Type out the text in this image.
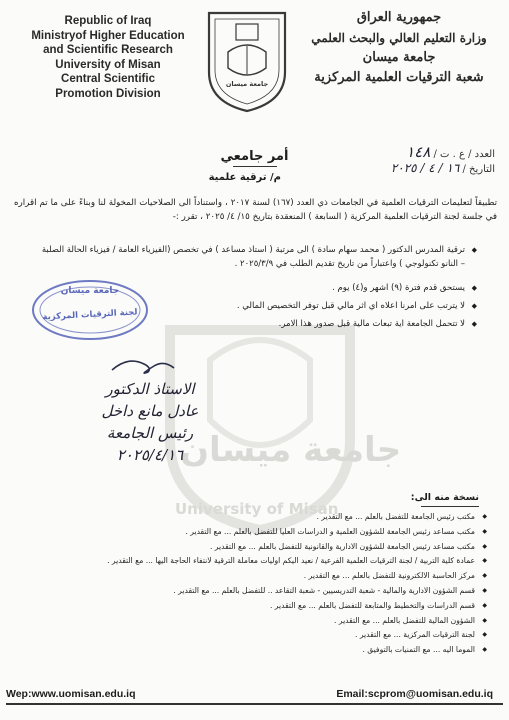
جامعة ميسان
University of Misan
Republic of Iraq
Ministryof Higher Education
and Scientific Research
University of Misan
Central Scientific
Promotion Division
جامعة ميسان
جمهورية العراق
وزارة التعليم العالي والبحث العلمي
جامعة ميسان
شعبة الترقيات العلمية المركزية
العدد / ع . ت / ١٤٨
التاريخ / ١٦ / ٤ / ٢٠٢٥
أمر جامعي
م/ ترقية علمية
تطبيقاً لتعليمات الترقيات العلمية في الجامعات ذي العدد (١٦٧) لسنة ٢٠١٧ ، واستناداً الى الصلاحيات المخولة لنا وبناءً على ما تم اقراره في جلسة لجنة الترقيات العلمية المركزية ( السابعة ) المنعقدة بتاريخ ١٥/ ٤/ ٢٠٢٥ ، تقرر :-
◆ ترقية المدرس الدكتور ( محمد سهام سادة ) الى مرتبة ( استاذ مساعد ) في تخصص (الفيزياء العامة / فيزياء الحالة الصلبة – النانو تكنولوجي ) واعتباراً من تاريخ تقديم الطلب في ٢٠٢٥/٣/٩ .
◆ يستحق قدم فترة (٩) اشهر و(٤) يوم .
◆ لا يترتب على امرنا اعلاه اي اثر مالي قبل توفر التخصيص المالي .
◆ لا تتحمل الجامعة اية تبعات مالية قبل صدور هذا الامر.
جامعة ميسان
لجنة الترقيات المركزية
الاستاذ الدكتور
عادل مانع داخل
رئيس الجامعة
٢٠٢٥/٤/١٦
نسخة منه الى:
◆ مكتب رئيس الجامعة للتفضل بالعلم ... مع التقدير .
◆ مكتب مساعد رئيس الجامعة للشؤون العلمية و الدراسات العليا للتفضل بالعلم ... مع التقدير .
◆ مكتب مساعد رئيس الجامعة للشؤون الادارية والقانونية للتفضل بالعلم ... مع التقدير .
◆ عمادة كلية التربية / لجنة الترقيات العلمية الفرعية / نعيد اليكم اوليات معاملة الترقية لانتفاء الحاجة اليها ... مع التقدير .
◆ مركز الحاسبة الالكترونية للتفضل بالعلم ... مع التقدير .
◆ قسم الشؤون الادارية والمالية - شعبة التدريسيين - شعبة التقاعد .. للتفضل بالعلم ... مع التقدير .
◆ قسم الدراسات والتخطيط والمتابعة للتفضل بالعلم ... مع التقدير .
◆ الشؤون المالية للتفضل بالعلم ... مع التقدير .
◆ لجنة الترقيات المركزية ... مع التقدير .
◆ الموما اليه ... مع التمنيات بالتوفيق .
Wep:www.uomisan.edu.iq	Email:scprom@uomisan.edu.iq
